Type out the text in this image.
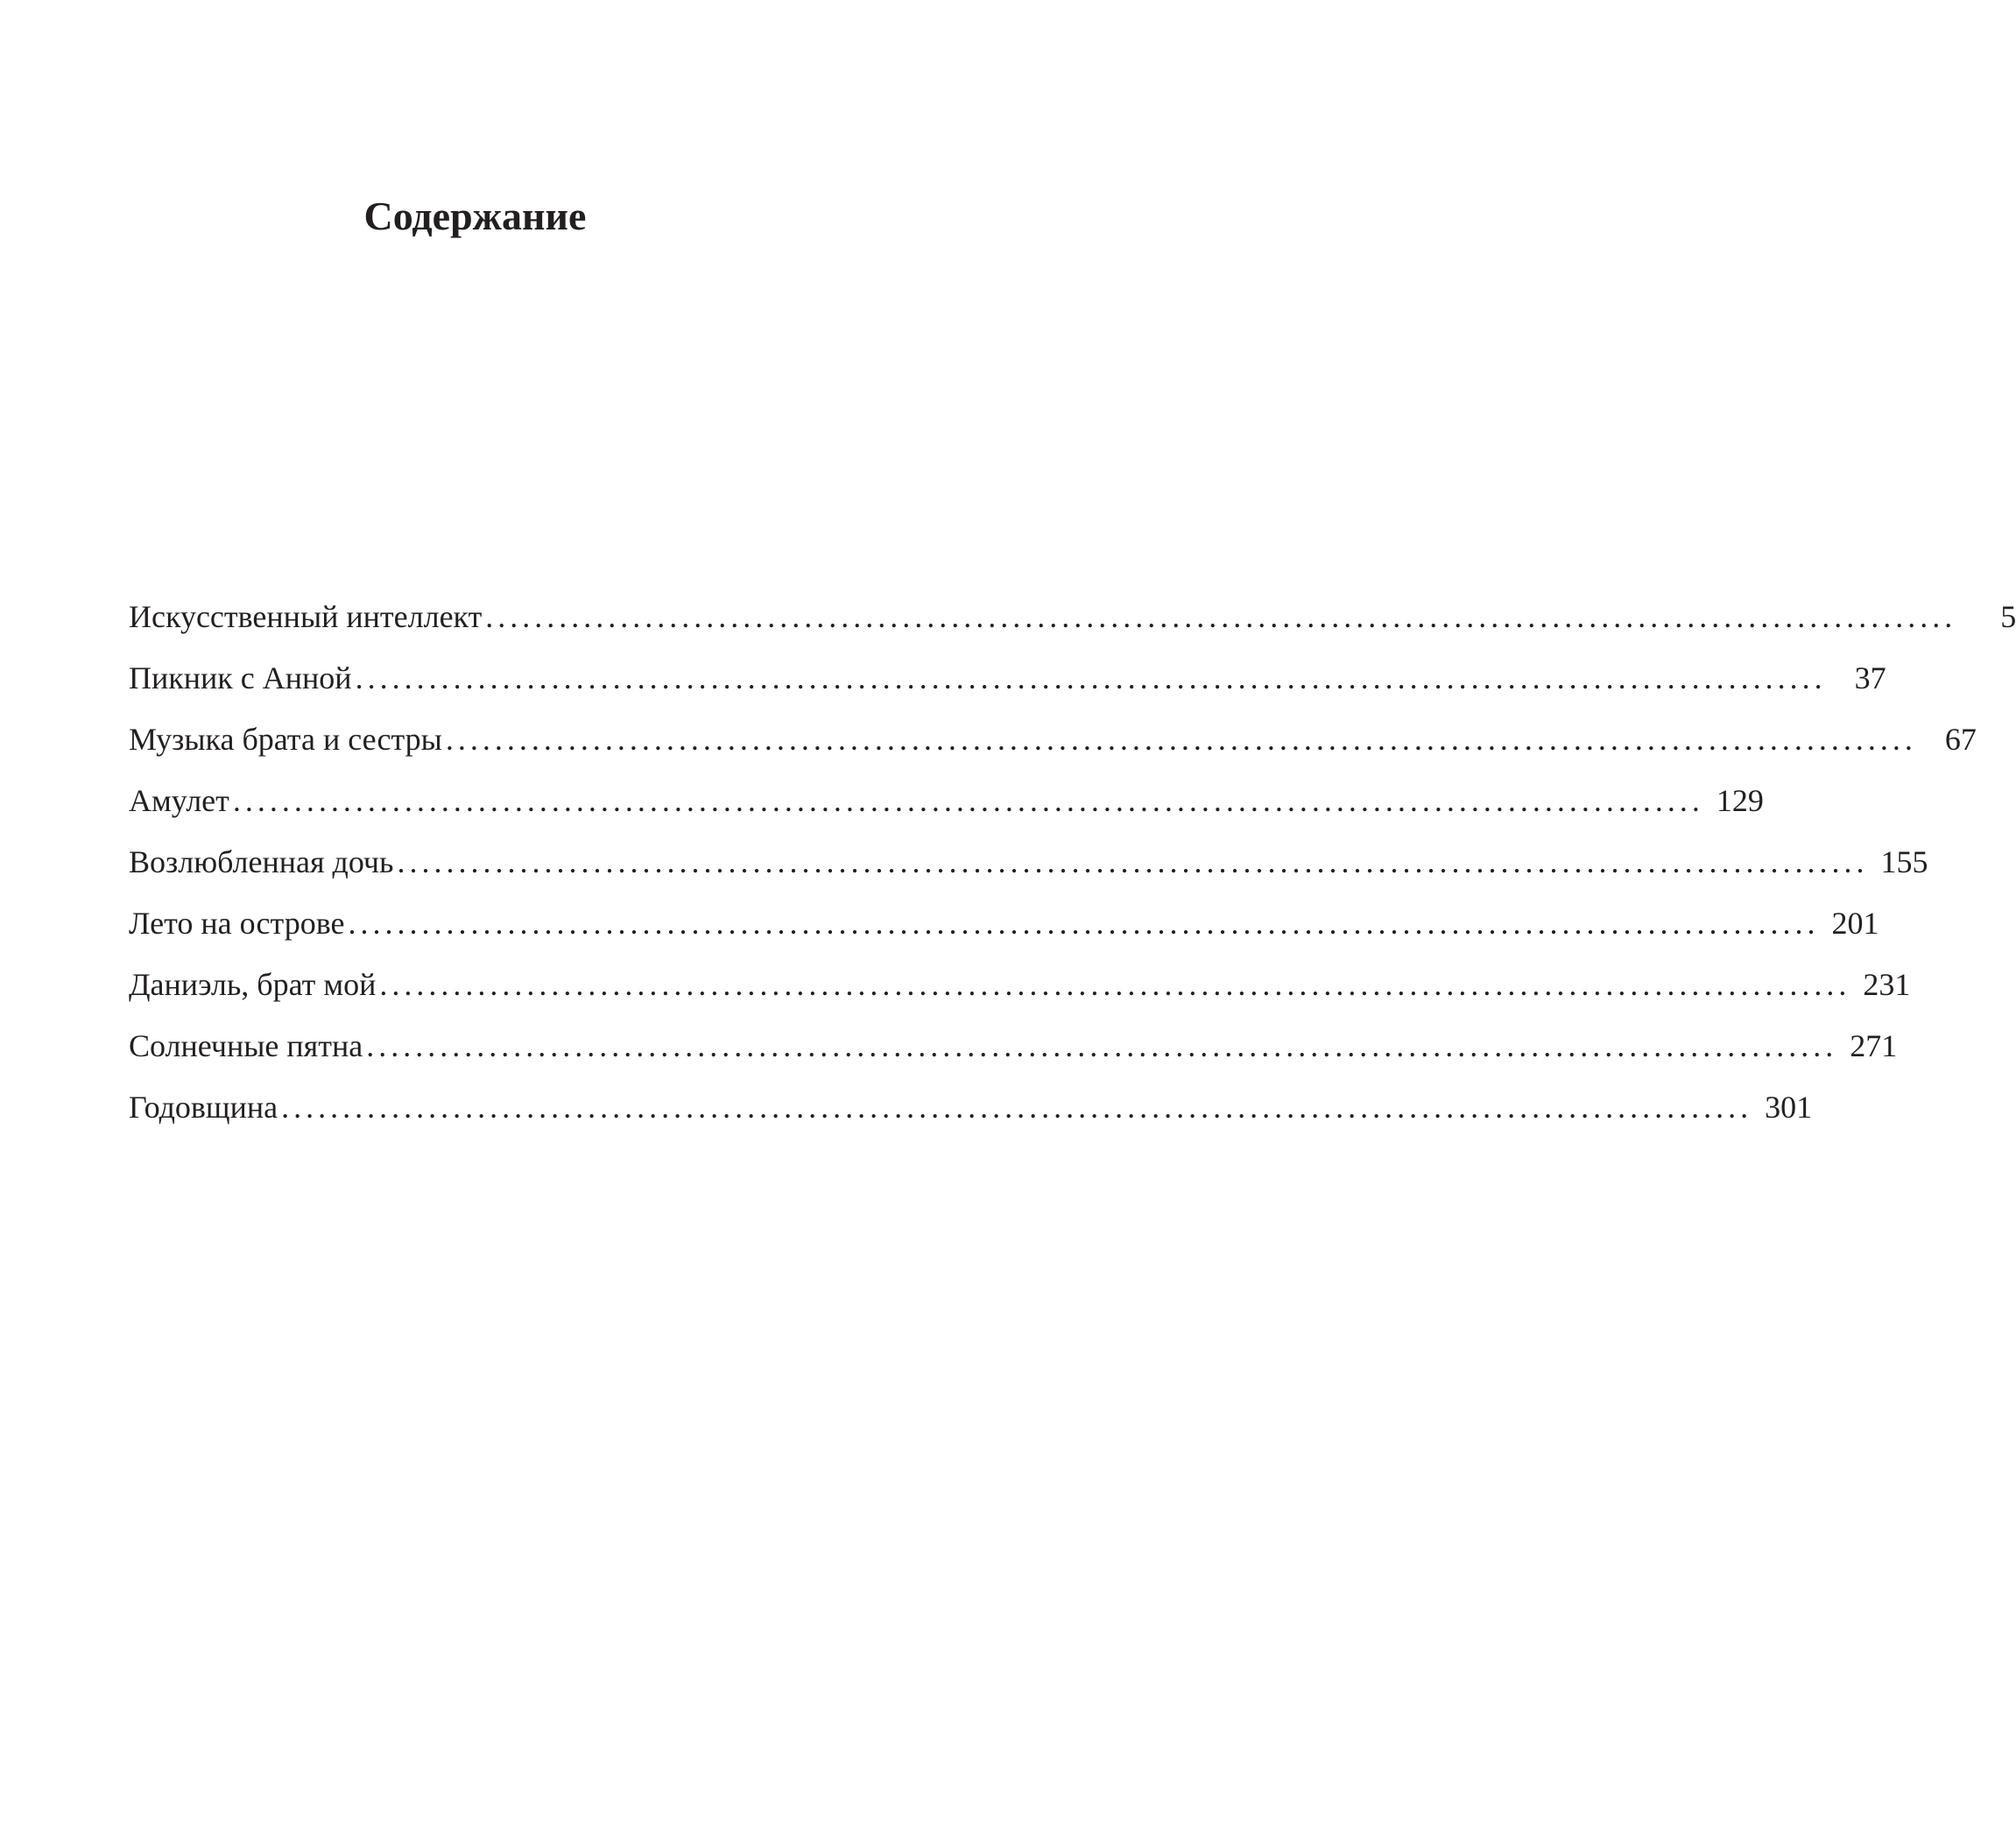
Содержание
Искусственный интеллект ........................................................................................................................	5
Пикник с Анной ........................................................................................................................ 37
Музыка брата и сестры ........................................................................................................................ 67
Амулет ........................................................................................................................ 129
Возлюбленная дочь ........................................................................................................................ 155
Лето на острове ........................................................................................................................ 201
Даниэль, брат мой ........................................................................................................................ 231
Солнечные пятна ........................................................................................................................ 271
Годовщина ........................................................................................................................ 301
